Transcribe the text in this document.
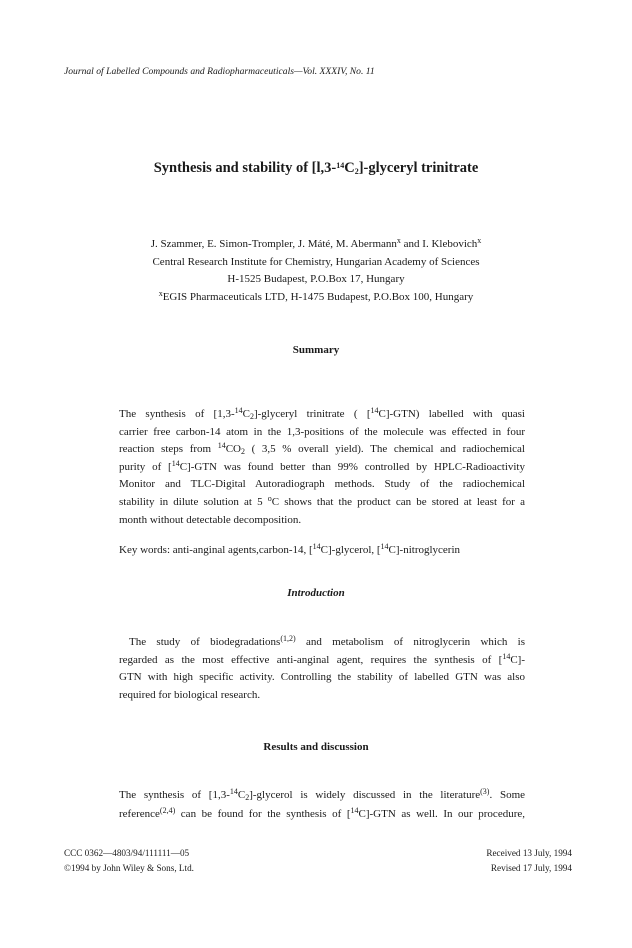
Journal of Labelled Compounds and Radiopharmaceuticals—Vol. XXXIV, No. 11
Synthesis and stability of $[l,3-^{14}C_2]$-glyceryl trinitrate
J. Szammer, E. Simon-Trompler, J. Máté, M. Abermann$^x$ and I. Klebovich$^x$
Central Research Institute for Chemistry, Hungarian Academy of Sciences
H-1525 Budapest, P.O.Box 17, Hungary
$^x$EGIS Pharmaceuticals LTD, H-1475 Budapest, P.O.Box 100, Hungary
Summary
The synthesis of $[1,3-^{14}C_2]$-glyceryl trinitrate ( [$^{14}$C]-GTN) labelled with quasi
carrier free carbon-14 atom in the 1,3-positions of the molecule was effected in four
reaction steps from $^{14}CO_2$ ( 3,5 % overall yield). The chemical and radiochemical
purity of [$^{14}$C]-GTN was found better than 99% controlled by HPLC-Radioactivity
Monitor and TLC-Digital Autoradiograph methods. Study of the radiochemical
stability in dilute solution at 5 $^o$C shows that the product can be stored at least for a
month without detectable decomposition.
Key words: anti-anginal agents,carbon-14, [$^{14}$C]-glycerol, [$^{14}$C]-nitroglycerin
Introduction
The study of biodegradations$^{(1,2)}$ and metabolism of nitroglycerin which is
regarded as the most effective anti-anginal agent, requires the synthesis of [$^{14}$C]-
GTN with high specific activity. Controlling the stability of labelled GTN was also
required for biological research.
Results and discussion
The synthesis of $[1,3-^{14}C_2]$-glycerol is widely discussed in the literature$^{(3)}$. Some
reference$^{(2,4)}$ can be found for the synthesis of [$^{14}$C]-GTN as well. In our procedure,
CCC 0362—4803/94/111111—05
©1994 by John Wiley & Sons, Ltd.
Received 13 July, 1994
Revised 17 July, 1994
